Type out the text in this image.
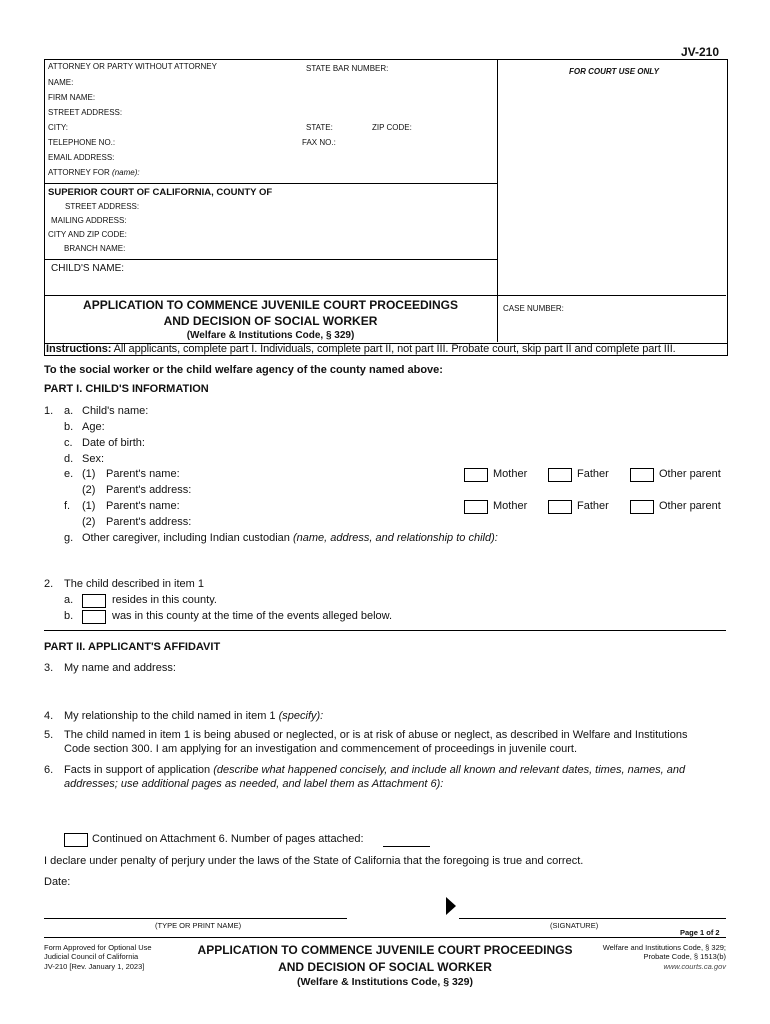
JV-210
ATTORNEY OR PARTY WITHOUT ATTORNEY	STATE BAR NUMBER:	FOR COURT USE ONLY
NAME:
FIRM NAME:
STREET ADDRESS:
CITY:	STATE:	ZIP CODE:
TELEPHONE NO.:	FAX NO.:
EMAIL ADDRESS:
ATTORNEY FOR (name):
SUPERIOR COURT OF CALIFORNIA, COUNTY OF
STREET ADDRESS:
MAILING ADDRESS:
CITY AND ZIP CODE:
BRANCH NAME:
CHILD'S NAME:
APPLICATION TO COMMENCE JUVENILE COURT PROCEEDINGS
AND DECISION OF SOCIAL WORKER
(Welfare & Institutions Code, § 329)
CASE NUMBER:
Instructions: All applicants, complete part I. Individuals, complete part II, not part III. Probate court, skip part II and complete part III.
To the social worker or the child welfare agency of the county named above:
PART I. CHILD'S INFORMATION
1. a. Child's name:
b. Age:
c. Date of birth:
d. Sex:
e. (1) Parent's name:	Mother	Father	Other parent
(2) Parent's address:
f. (1) Parent's name:	Mother	Father	Other parent
(2) Parent's address:
g. Other caregiver, including Indian custodian (name, address, and relationship to child):
2. The child described in item 1
a.	resides in this county.
b.	was in this county at the time of the events alleged below.
PART II. APPLICANT'S AFFIDAVIT
3. My name and address:
4. My relationship to the child named in item 1 (specify):
5. The child named in item 1 is being abused or neglected, or is at risk of abuse or neglect, as described in Welfare and Institutions
Code section 300. I am applying for an investigation and commencement of proceedings in juvenile court.
6. Facts in support of application (describe what happened concisely, and include all known and relevant dates, times, names, and
addresses; use additional pages as needed, and label them as Attachment 6):
Continued on Attachment 6. Number of pages attached:
I declare under penalty of perjury under the laws of the State of California that the foregoing is true and correct.
Date:
(TYPE OR PRINT NAME)	(SIGNATURE)
Page 1 of 2
Form Approved for Optional Use
Judicial Council of California
JV-210 [Rev. January 1, 2023]
APPLICATION TO COMMENCE JUVENILE COURT PROCEEDINGS
AND DECISION OF SOCIAL WORKER
(Welfare & Institutions Code, § 329)
Welfare and Institutions Code, § 329;
Probate Code, § 1513(b)
www.courts.ca.gov
